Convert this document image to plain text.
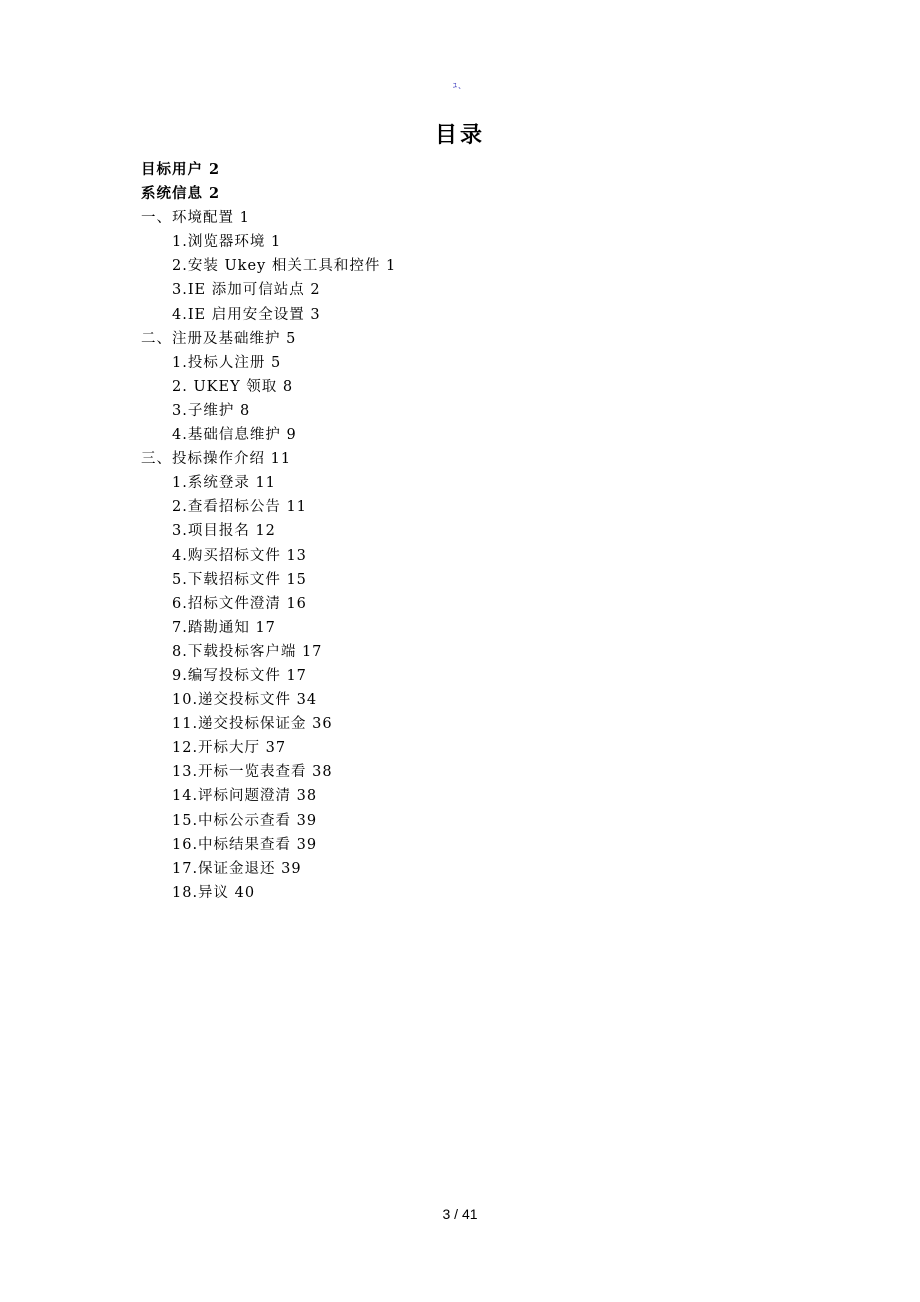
ﾕ、
目录
目标用户 2
系统信息 2
一、环境配置 1
1.浏览器环境 1
2.安装 Ukey 相关工具和控件 1
3.IE 添加可信站点 2
4.IE 启用安全设置 3
二、注册及基础维护 5
1.投标人注册 5
2. UKEY 领取 8
3.子维护 8
4.基础信息维护 9
三、投标操作介绍 11
1.系统登录 11
2.查看招标公告 11
3.项目报名 12
4.购买招标文件 13
5.下载招标文件 15
6.招标文件澄清 16
7.踏勘通知 17
8.下载投标客户端 17
9.编写投标文件 17
10.递交投标文件 34
11.递交投标保证金 36
12.开标大厅 37
13.开标一览表查看 38
14.评标问题澄清 38
15.中标公示查看 39
16.中标结果查看 39
17.保证金退还 39
18.异议 40
3 / 41
